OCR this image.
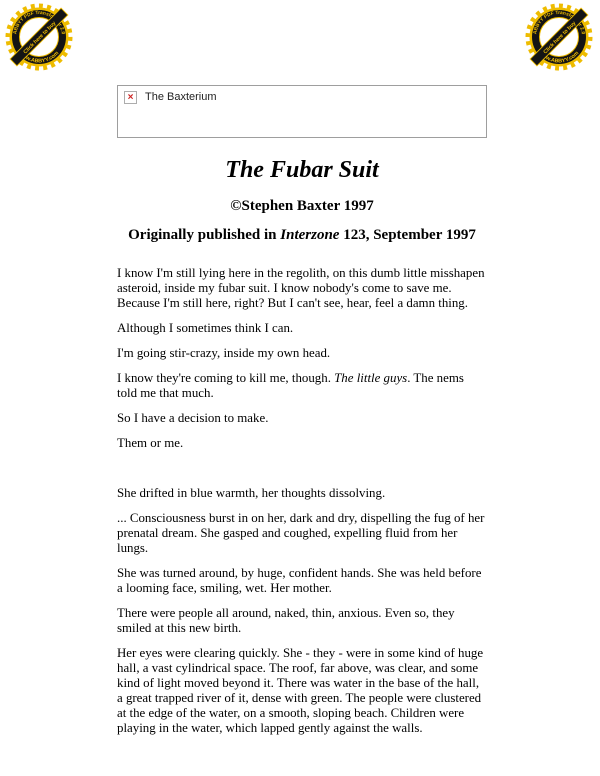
×	The Baxterium
The Fubar Suit
©Stephen Baxter 1997
Originally published in Interzone 123, September 1997

I know I'm still lying here in the regolith, on this dumb little misshapen asteroid, inside my fubar suit. I know nobody's come to save me. Because I'm still here, right? But I can't see, hear, feel a damn thing.

Although I sometimes think I can.

I'm going stir-crazy, inside my own head.

I know they're coming to kill me, though. The little guys. The nems told me that much.

So I have a decision to make.

Them or me.

She drifted in blue warmth, her thoughts dissolving.

... Consciousness burst in on her, dark and dry, dispelling the fug of her prenatal dream. She gasped and coughed, expelling fluid from her lungs.

She was turned around, by huge, confident hands. She was held before a looming face, smiling, wet. Her mother.

There were people all around, naked, thin, anxious. Even so, they smiled at this new birth.

Her eyes were clearing quickly. She - they - were in some kind of huge hall, a vast cylindrical space. The roof, far above, was clear, and some kind of light moved beyond it. There was water in the base of the hall, a great trapped river of it, dense with green. The people were clustered at the edge of the water, on a smooth, sloping beach. Children were playing in the water, which lapped gently against the walls.
